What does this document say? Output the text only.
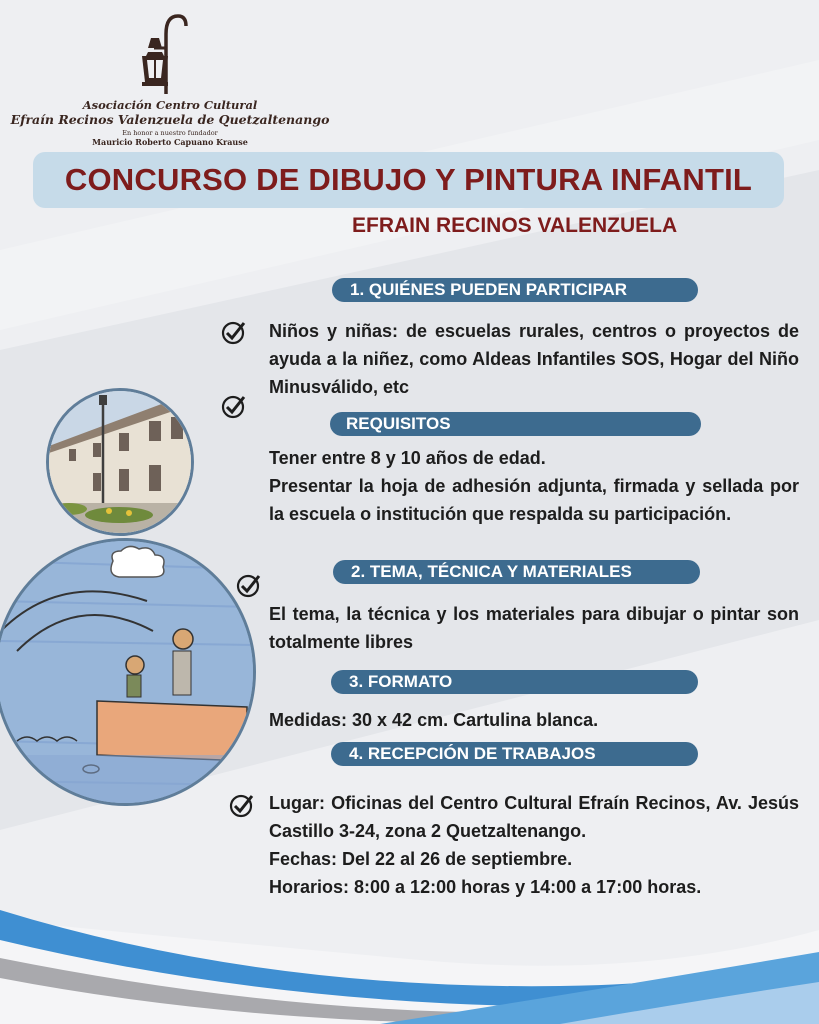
Asociación Centro Cultural
Efraín Recinos Valenzuela de Quetzaltenango
En honor a nuestro fundador
Mauricio Roberto Capuano Krause
CONCURSO DE DIBUJO Y PINTURA INFANTIL
EFRAIN RECINOS VALENZUELA
1. QUIÉNES PUEDEN PARTICIPAR
Niños y niñas: de escuelas rurales, centros o proyectos de ayuda a la niñez, como Aldeas Infantiles SOS, Hogar del Niño Minusválido, etc
REQUISITOS
Tener entre 8 y 10 años de edad.
Presentar la hoja de adhesión adjunta, firmada y sellada por la escuela o institución que respalda su participación.
2. TEMA, TÉCNICA Y MATERIALES
El tema, la técnica y los materiales para dibujar o pintar son totalmente libres
3. FORMATO
Medidas: 30 x 42 cm. Cartulina blanca.
4. RECEPCIÓN DE TRABAJOS
Lugar: Oficinas del Centro Cultural Efraín Recinos, Av. Jesús Castillo 3-24, zona 2 Quetzaltenango.
Fechas: Del 22 al 26 de septiembre.
Horarios: 8:00 a 12:00 horas y 14:00 a 17:00 horas.
